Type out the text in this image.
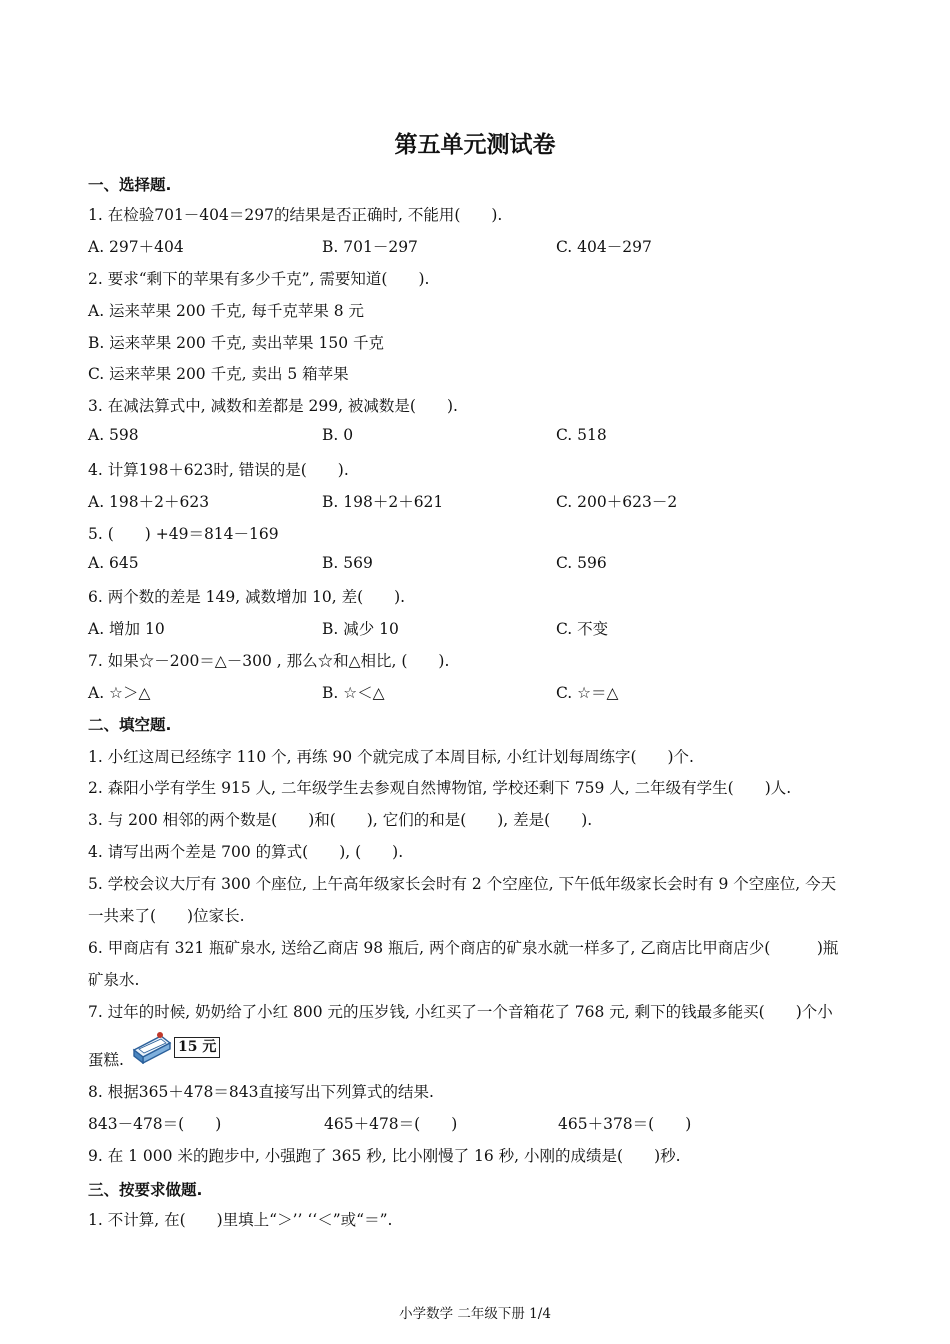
第五单元测试卷
一、选择题.
1. 在检验701－404＝297的结果是否正确时, 不能用(　　).
A. 297＋404	B. 701－297	C. 404－297
2. 要求“剩下的苹果有多少千克”, 需要知道(　　).
A. 运来苹果 200 千克, 每千克苹果 8 元
B. 运来苹果 200 千克, 卖出苹果 150 千克
C. 运来苹果 200 千克, 卖出 5 箱苹果
3. 在减法算式中, 减数和差都是 299, 被减数是(　　).
A. 598	B. 0	C. 518
4. 计算198＋623时, 错误的是(　　).
A. 198＋2＋623	B. 198＋2＋621	C. 200＋623－2
5. (　　) +49＝814－169
A. 645	B. 569	C. 596
6. 两个数的差是 149, 减数增加 10, 差(　　).
A. 增加 10	B. 减少 10	C. 不变
7. 如果☆－200＝△－300 , 那么☆和△相比, (　　).
A. ☆＞△	B. ☆＜△	C. ☆＝△
二、填空题.
1. 小红这周已经练字 110 个, 再练 90 个就完成了本周目标, 小红计划每周练字(　　)个.
2. 森阳小学有学生 915 人, 二年级学生去参观自然博物馆, 学校还剩下 759 人, 二年级有学生(　　)人.
3. 与 200 相邻的两个数是(　　)和(　　), 它们的和是(　　), 差是(　　).
4. 请写出两个差是 700 的算式(　　), (　　).
5. 学校会议大厅有 300 个座位, 上午高年级家长会时有 2 个空座位, 下午低年级家长会时有 9 个空座位, 今天
一共来了(　　)位家长.
6. 甲商店有 321 瓶矿泉水, 送给乙商店 98 瓶后, 两个商店的矿泉水就一样多了, 乙商店比甲商店少(　　　)瓶
矿泉水.
7. 过年的时候, 奶奶给了小红 800 元的压岁钱, 小红买了一个音箱花了 768 元, 剩下的钱最多能买(　　)个小
蛋糕.
15 元
8. 根据365＋478＝843直接写出下列算式的结果.
843－478＝(　　)	465＋478＝(　　)	465＋378＝(　　)
9. 在 1 000 米的跑步中, 小强跑了 365 秒, 比小刚慢了 16 秒, 小刚的成绩是(　　)秒.
三、按要求做题.
1. 不计算, 在(　　)里填上“＞’’ ‘‘＜”或“＝”.
小学数学 二年级下册 1/4
